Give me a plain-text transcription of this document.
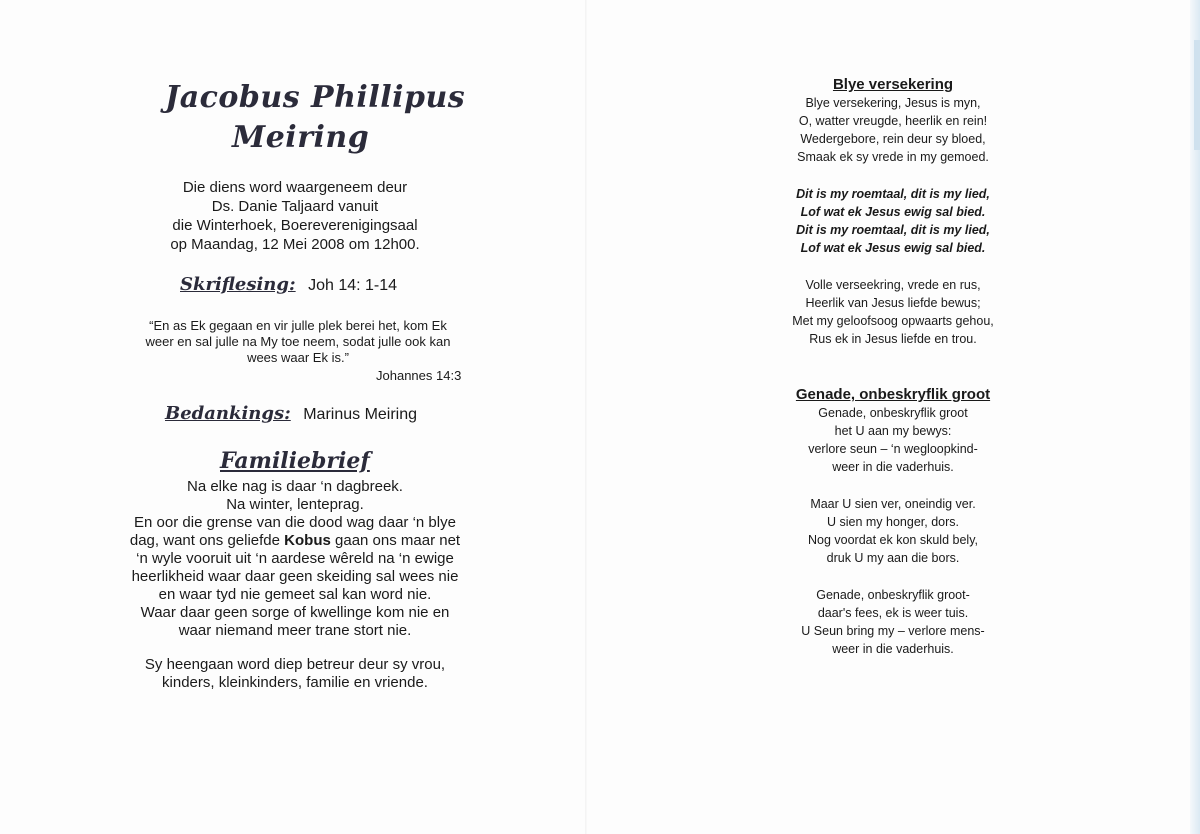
Jacobus Phillipus
Meiring
Die diens word waargeneem deur
Ds. Danie Taljaard vanuit
die Winterhoek, Boereverenigingsaal
op Maandag, 12 Mei 2008 om 12h00.
Skriflesing: Joh 14: 1-14
“En as Ek gegaan en vir julle plek berei het, kom Ek
weer en sal julle na My toe neem, sodat julle ook kan
wees waar Ek is.”
Johannes 14:3
Bedankings: Marinus Meiring
Familiebrief

Na elke nag is daar ‘n dagbreek.
Na winter, lenteprag.
En oor die grense van die dood wag daar ‘n blye
dag, want ons geliefde Kobus gaan ons maar net
‘n wyle vooruit uit ‘n aardese wêreld na ‘n ewige
heerlikheid waar daar geen skeiding sal wees nie
en waar tyd nie gemeet sal kan word nie.
Waar daar geen sorge of kwellinge kom nie en
waar niemand meer trane stort nie.

Sy heengaan word diep betreur deur sy vrou,
kinders, kleinkinders, familie en vriende.

Blye versekering
Blye versekering, Jesus is myn,
O, watter vreugde, heerlik en rein!
Wedergebore, rein deur sy bloed,
Smaak ek sy vrede in my gemoed.
Dit is my roemtaal, dit is my lied,
Lof wat ek Jesus ewig sal bied.
Dit is my roemtaal, dit is my lied,
Lof wat ek Jesus ewig sal bied.
Volle verseekring, vrede en rus,
Heerlik van Jesus liefde bewus;
Met my geloofsoog opwaarts gehou,
Rus ek in Jesus liefde en trou.
Genade, onbeskryflik groot
Genade, onbeskryflik groot
het U aan my bewys:
verlore seun – ‘n wegloopkind-
weer in die vaderhuis.
Maar U sien ver, oneindig ver.
U sien my honger, dors.
Nog voordat ek kon skuld bely,
druk U my aan die bors.
Genade, onbeskryflik groot-
daar's fees, ek is weer tuis.
U Seun bring my – verlore mens-
weer in die vaderhuis.
